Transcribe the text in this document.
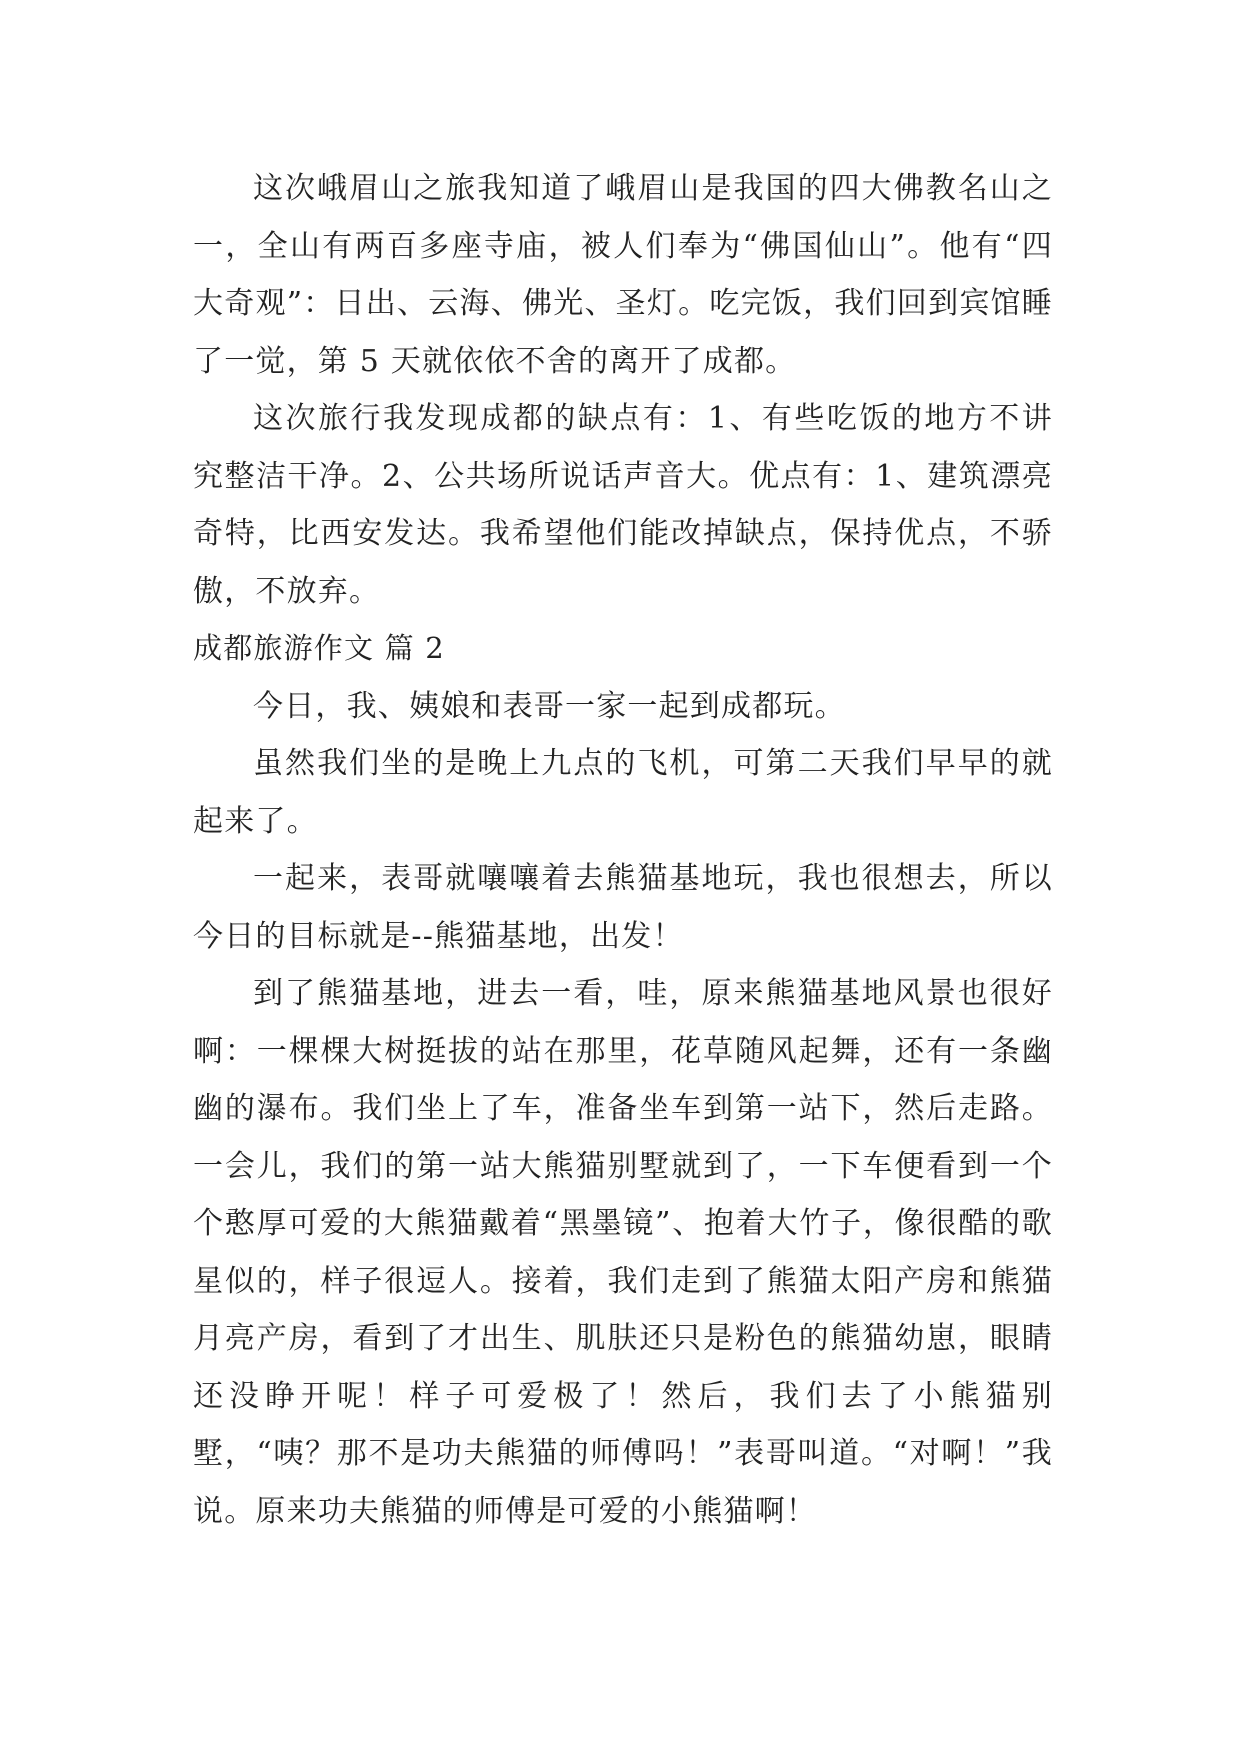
这次峨眉山之旅我知道了峨眉山是我国的四大佛教名山之一，全山有两百多座寺庙，被人们奉为“佛国仙山”。他有“四大奇观”：日出、云海、佛光、圣灯。吃完饭，我们回到宾馆睡了一觉，第 5 天就依依不舍的离开了成都。

这次旅行我发现成都的缺点有：1、有些吃饭的地方不讲究整洁干净。2、公共场所说话声音大。优点有：1、建筑漂亮奇特，比西安发达。我希望他们能改掉缺点，保持优点，不骄傲，不放弃。

成都旅游作文 篇 2

今日，我、姨娘和表哥一家一起到成都玩。

虽然我们坐的是晚上九点的飞机，可第二天我们早早的就起来了。

一起来，表哥就嚷嚷着去熊猫基地玩，我也很想去，所以今日的目标就是--熊猫基地，出发！

到了熊猫基地，进去一看，哇，原来熊猫基地风景也很好啊：一棵棵大树挺拔的站在那里，花草随风起舞，还有一条幽幽的瀑布。我们坐上了车，准备坐车到第一站下，然后走路。一会儿，我们的第一站大熊猫别墅就到了，一下车便看到一个个憨厚可爱的大熊猫戴着“黑墨镜”、抱着大竹子，像很酷的歌星似的，样子很逗人。接着，我们走到了熊猫太阳产房和熊猫月亮产房，看到了才出生、肌肤还只是粉色的熊猫幼崽，眼睛还没睁开呢！样子可爱极了！然后，我们去了小熊猫别墅，“咦？那不是功夫熊猫的师傅吗！”表哥叫道。“对啊！”我说。原来功夫熊猫的师傅是可爱的小熊猫啊！
